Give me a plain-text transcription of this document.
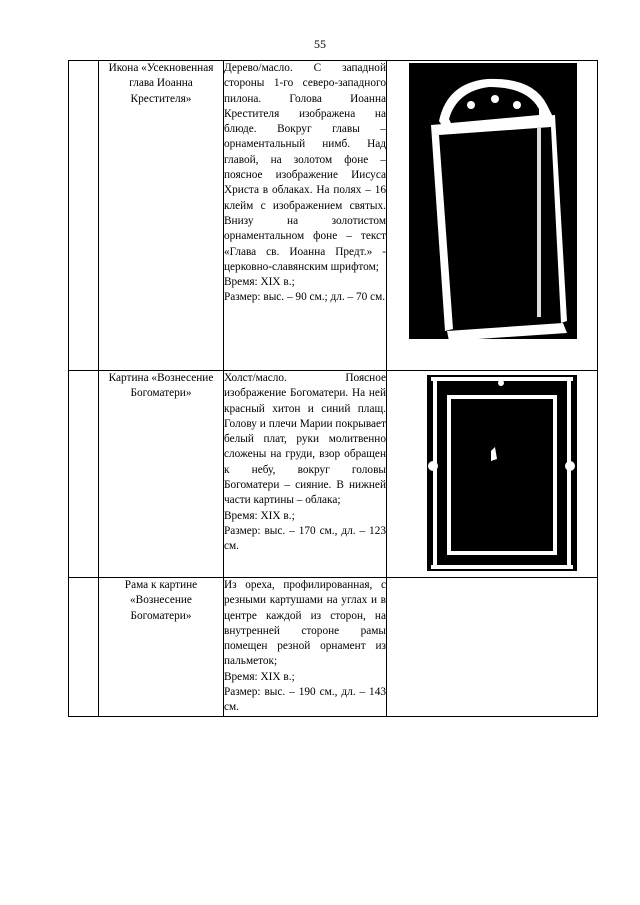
55
	Икона «Усекновенная глава Иоанна Крестителя»	Дерево/масло. С западной стороны 1-го северо-западного пилона. Голова Иоанна Крестителя изображена на блюде. Вокруг главы – орнаментальный нимб. Над главой, на золотом фоне – поясное изображение Иисуса Христа в облаках. На полях – 16 клейм с изображением святых. Внизу на золотистом орнаментальном фоне – текст «Глава св. Иоанна Предт.» - церковно-славянским шрифтом;
Время: XIX в.;
Размер: выс. – 90 см.; дл. – 70 см.

	Картина «Вознесение Богоматери»	Холст/масло. Поясное изображение Богоматери. На ней красный хитон и синий плащ. Голову и плечи Марии покрывает белый плат, руки молитвенно сложены на груди, взор обращен к небу, вокруг головы Богоматери – сияние. В нижней части картины – облака;
Время: XIX в.;
Размер: выс. – 170 см., дл. – 123 см.

	Рама к картине «Вознесение Богоматери»	Из ореха, профилированная, с резными картушами на углах и в центре каждой из сторон, на внутренней стороне рамы помещен резной орнамент из пальметок;
Время: XIX в.;
Размер: выс. – 190 см., дл. – 143 см.	
